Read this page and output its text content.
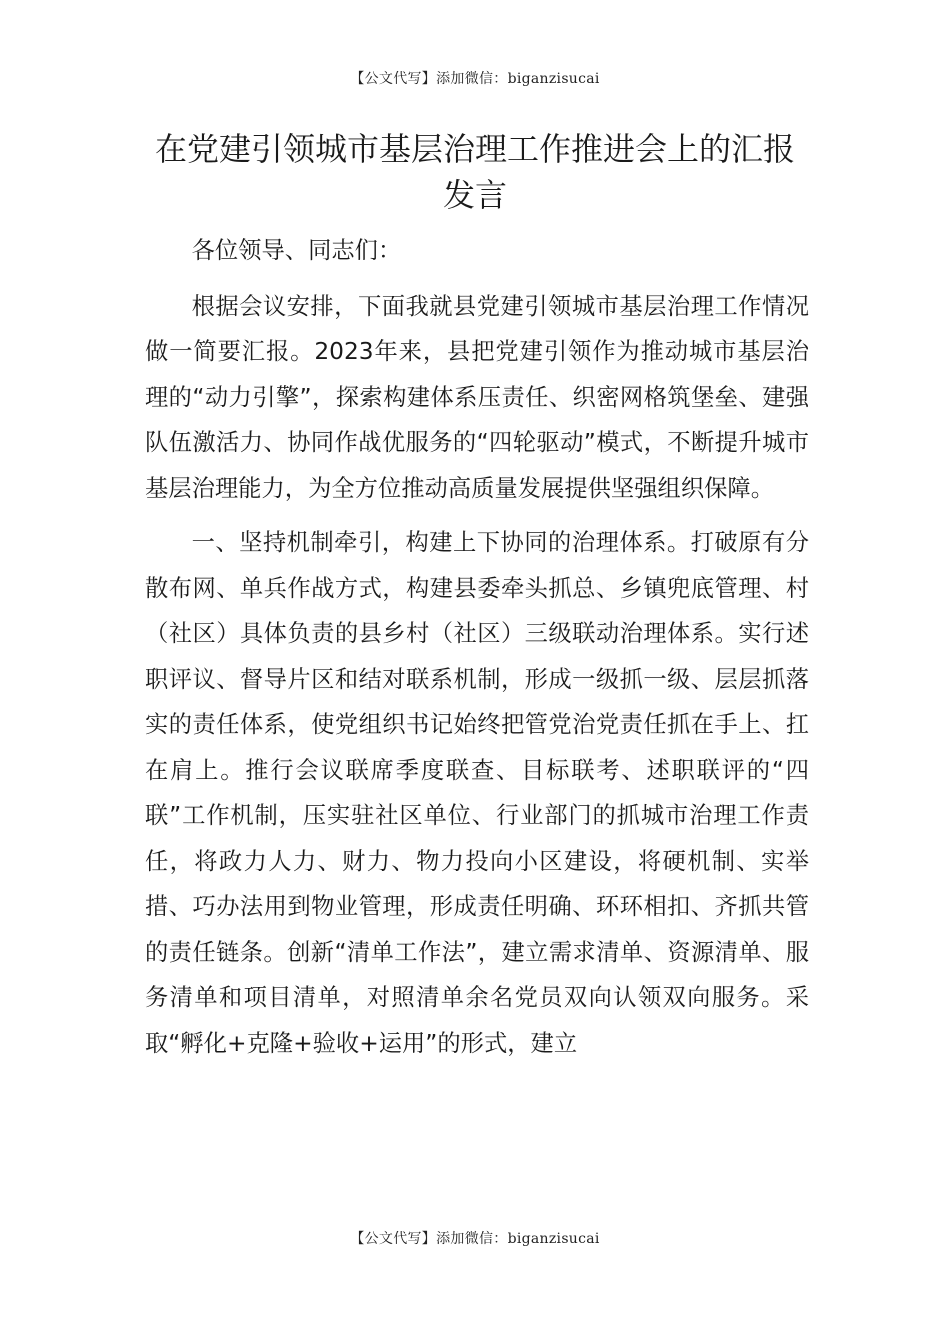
【公文代写】添加微信：biganzisucai
在党建引领城市基层治理工作推进会上的汇报发言

各位领导、同志们：

根据会议安排，下面我就县党建引领城市基层治理工作情况做一简要汇报。2023年来，县把党建引领作为推动城市基层治理的“动力引擎”，探索构建体系压责任、织密网格筑堡垒、建强队伍激活力、协同作战优服务的“四轮驱动”模式，不断提升城市基层治理能力，为全方位推动高质量发展提供坚强组织保障。

一、坚持机制牵引，构建上下协同的治理体系。打破原有分散布网、单兵作战方式，构建县委牵头抓总、乡镇兜底管理、村（社区）具体负责的县乡村（社区）三级联动治理体系。实行述职评议、督导片区和结对联系机制，形成一级抓一级、层层抓落实的责任体系，使党组织书记始终把管党治党责任抓在手上、扛在肩上。推行会议联席季度联查、目标联考、述职联评的“四联”工作机制，压实驻社区单位、行业部门的抓城市治理工作责任，将政力人力、财力、物力投向小区建设，将硬机制、实举措、巧办法用到物业管理，形成责任明确、环环相扣、齐抓共管的责任链条。创新“清单工作法”，建立需求清单、资源清单、服务清单和项目清单，对照清单余名党员双向认领双向服务。采取“孵化+克隆+验收+运用”的形式，建立

【公文代写】添加微信：biganzisucai
